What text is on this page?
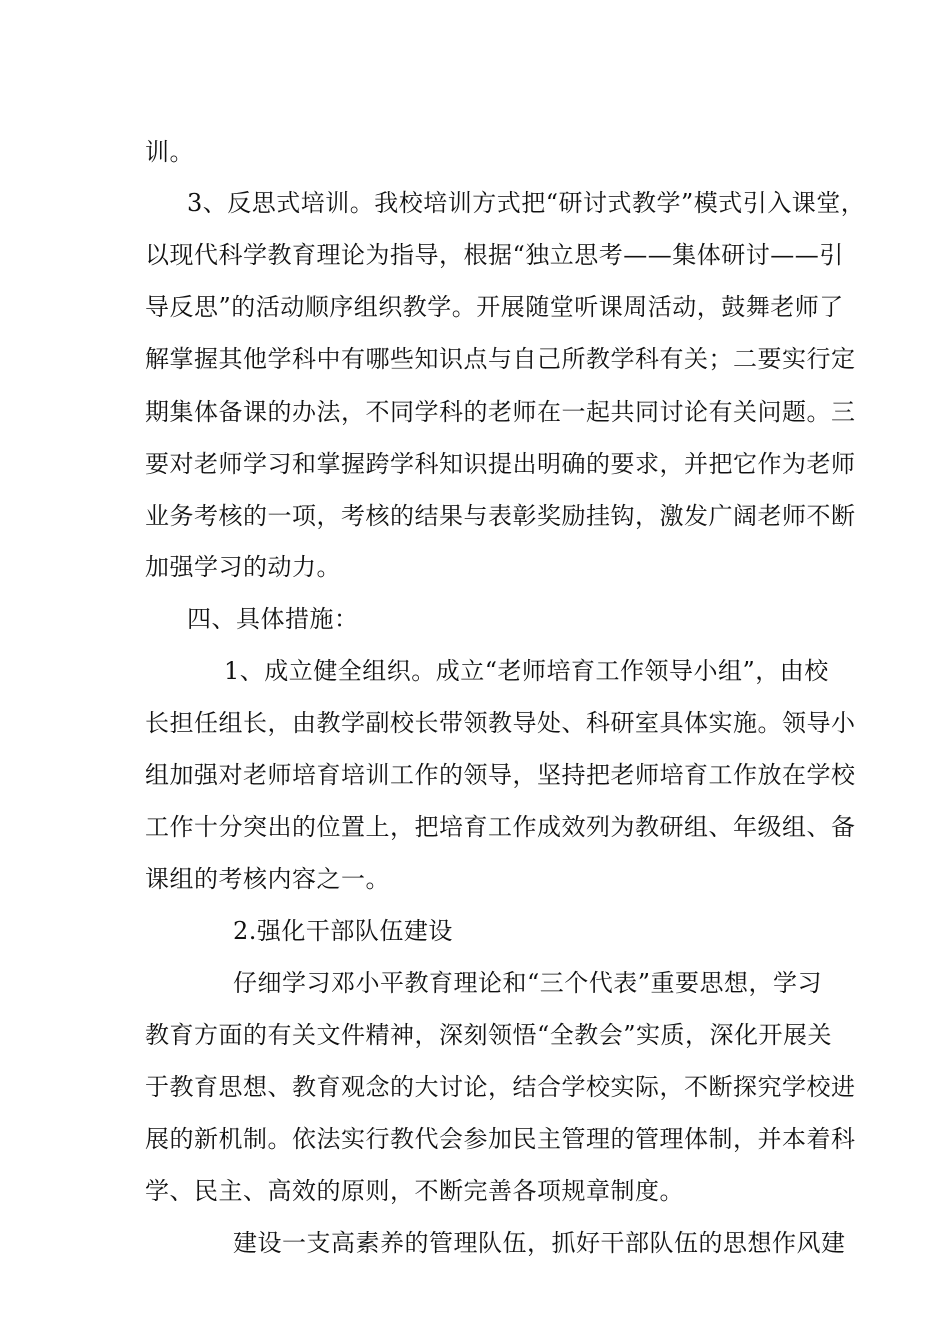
训。
3、反思式培训。我校培训方式把“研讨式教学”模式引入课堂，
以现代科学教育理论为指导，根据“独立思考——集体研讨——引
导反思”的活动顺序组织教学。开展随堂听课周活动，鼓舞老师了
解掌握其他学科中有哪些知识点与自己所教学科有关；二要实行定
期集体备课的办法，不同学科的老师在一起共同讨论有关问题。三
要对老师学习和掌握跨学科知识提出明确的要求，并把它作为老师
业务考核的一项，考核的结果与表彰奖励挂钩，激发广阔老师不断
加强学习的动力。
四、具体措施：
1、成立健全组织。成立“老师培育工作领导小组”，由校
长担任组长，由教学副校长带领教导处、科研室具体实施。领导小
组加强对老师培育培训工作的领导，坚持把老师培育工作放在学校
工作十分突出的位置上，把培育工作成效列为教研组、年级组、备
课组的考核内容之一。
2.强化干部队伍建设
仔细学习邓小平教育理论和“三个代表”重要思想，学习
教育方面的有关文件精神，深刻领悟“全教会”实质，深化开展关
于教育思想、教育观念的大讨论，结合学校实际，不断探究学校进
展的新机制。依法实行教代会参加民主管理的管理体制，并本着科
学、民主、高效的原则，不断完善各项规章制度。
建设一支高素养的管理队伍，抓好干部队伍的思想作风建
